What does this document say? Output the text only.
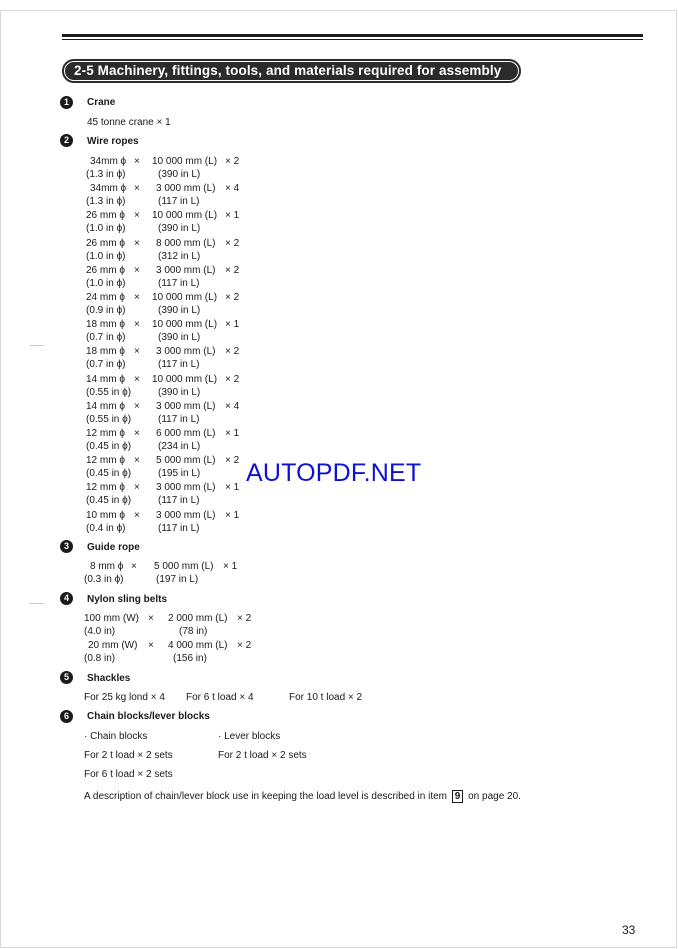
2-5 Machinery, fittings, tools, and materials required for assembly
1	Crane
45 tonne crane × 1
2	Wire ropes
34mm ϕ × 10 000 mm (L) × 2
(1.3 in ϕ)	(390 in L)
34mm ϕ × 3 000 mm (L) × 4
(1.3 in ϕ)	(117 in L)
26 mm ϕ × 10 000 mm (L) × 1
(1.0 in ϕ)	(390 in L)
26 mm ϕ × 8 000 mm (L) × 2
(1.0 in ϕ)	(312 in L)
26 mm ϕ × 3 000 mm (L) × 2
(1.0 in ϕ)	(117 in L)
24 mm ϕ × 10 000 mm (L) × 2
(0.9 in ϕ)	(390 in L)
18 mm ϕ × 10 000 mm (L) × 1
(0.7 in ϕ)	(390 in L)
18 mm ϕ × 3 000 mm (L) × 2
(0.7 in ϕ)	(117 in L)
14 mm ϕ × 10 000 mm (L) × 2
(0.55 in ϕ)	(390 in L)
14 mm ϕ × 3 000 mm (L) × 4
(0.55 in ϕ)	(117 in L)
12 mm ϕ × 6 000 mm (L) × 1
(0.45 in ϕ)	(234 in L)
12 mm ϕ × 5 000 mm (L) × 2
(0.45 in ϕ)	(195 in L)
12 mm ϕ × 3 000 mm (L) × 1
(0.45 in ϕ)	(117 in L)
10 mm ϕ × 3 000 mm (L) × 1
(0.4 in ϕ)	(117 in L)
3	Guide rope
8 mm ϕ × 5 000 mm (L) × 1
(0.3 in ϕ)	(197 in L)
4	Nylon sling belts
100 mm (W) × 2 000 mm (L) × 2
(4.0 in)	(78 in)
20 mm (W) × 4 000 mm (L) × 2
(0.8 in)	(156 in)
5	Shackles
For 25 kg lond × 4 For 6 t load × 4	For 10 t load × 2
6	Chain blocks/lever blocks
· Chain blocks	· Lever blocks
For 2 t load × 2 sets	For 2 t load × 2 sets
For 6 t load × 2 sets
A description of chain/lever block use in keeping the load level is described in item 9 on page 20.
AUTOPDF.NET
33
